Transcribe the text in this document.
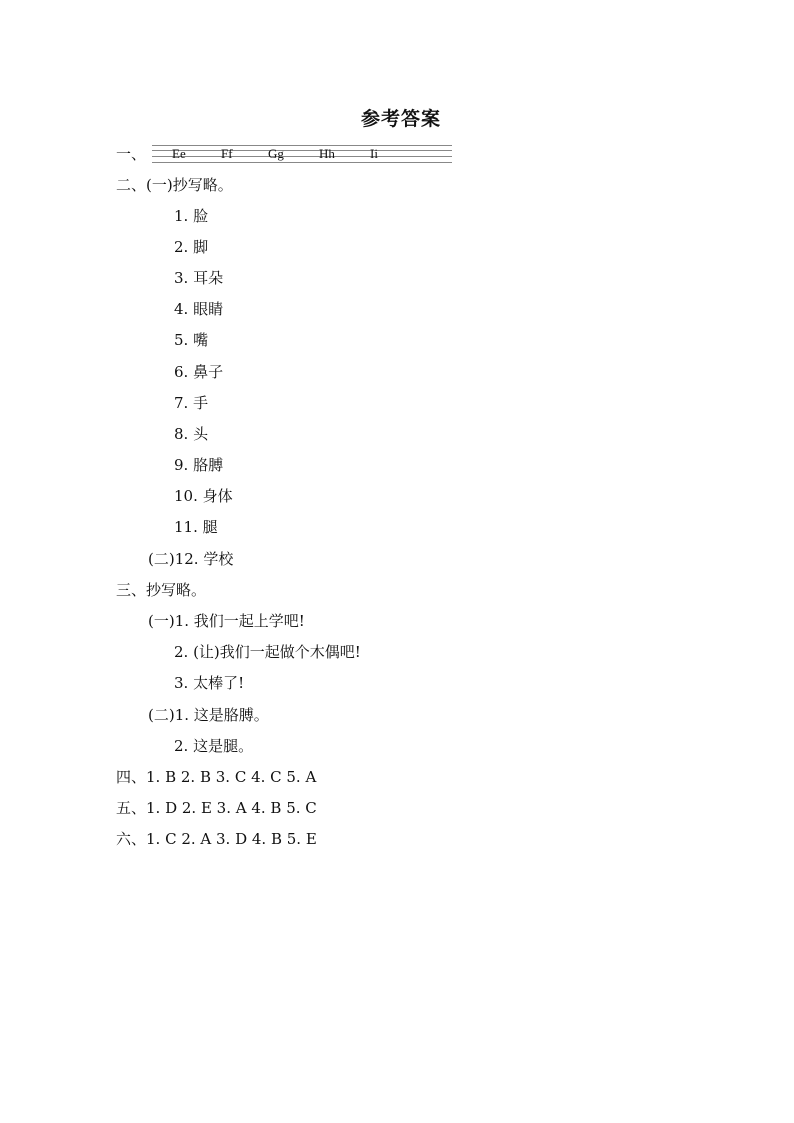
参考答案
一、 Ee	Ff	Gg	Hh	Ii
二、(一)抄写略。
1. 脸
2. 脚
3. 耳朵
4. 眼睛
5. 嘴
6. 鼻子
7. 手
8. 头
9. 胳膊
10. 身体
11. 腿
(二)12. 学校
三、抄写略。
(一)1. 我们一起上学吧!
2. (让)我们一起做个木偶吧!
3. 太棒了!
(二)1. 这是胳膊。
2. 这是腿。
四、1. B 2. B 3. C 4. C 5. A
五、1. D 2. E 3. A 4. B 5. C
六、1. C 2. A 3. D 4. B 5. E
